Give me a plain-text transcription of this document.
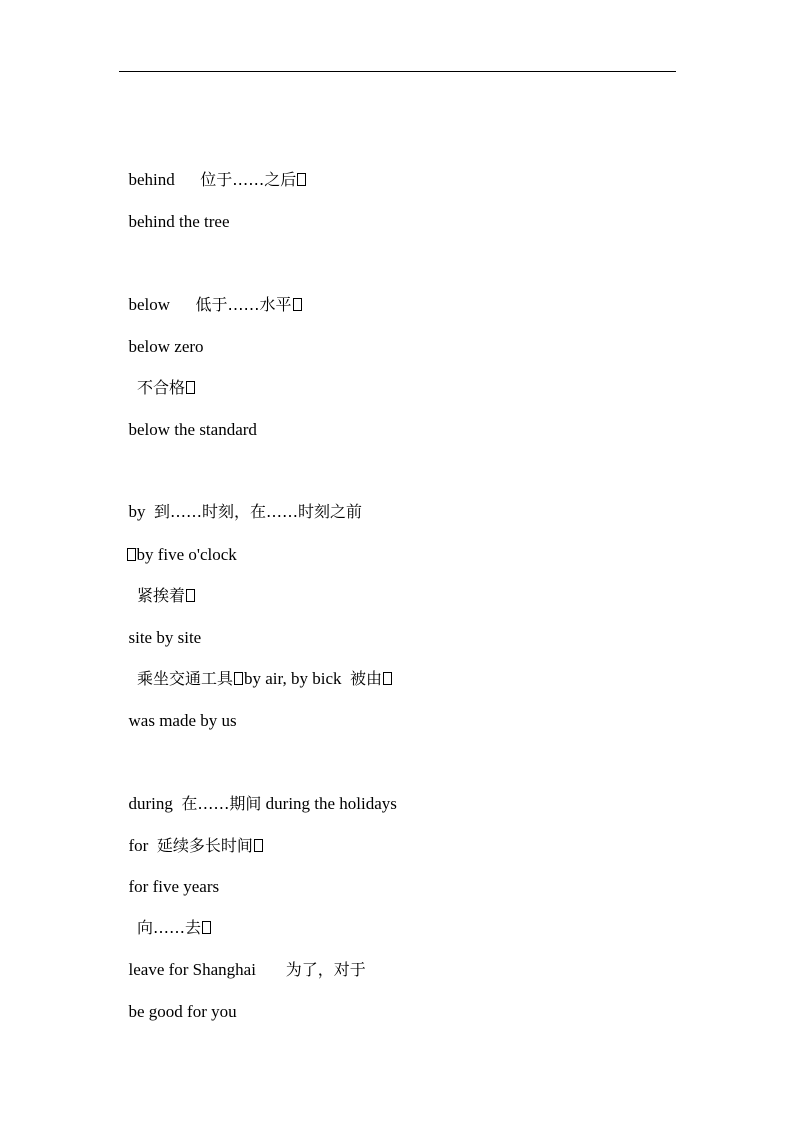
behind 位于……之后

behind the tree

below 低于……水平

below zero

不合格

below the standard

by  到……时刻，在……时刻之前

by five o'clock

紧挨着

site by site

乘坐交通工具 by air, by bick  被由

was made by us

during  在……期间 during the holidays

for  延续多长时间

for five years

向……去

leave for Shanghai 为了，对于

be good for you
